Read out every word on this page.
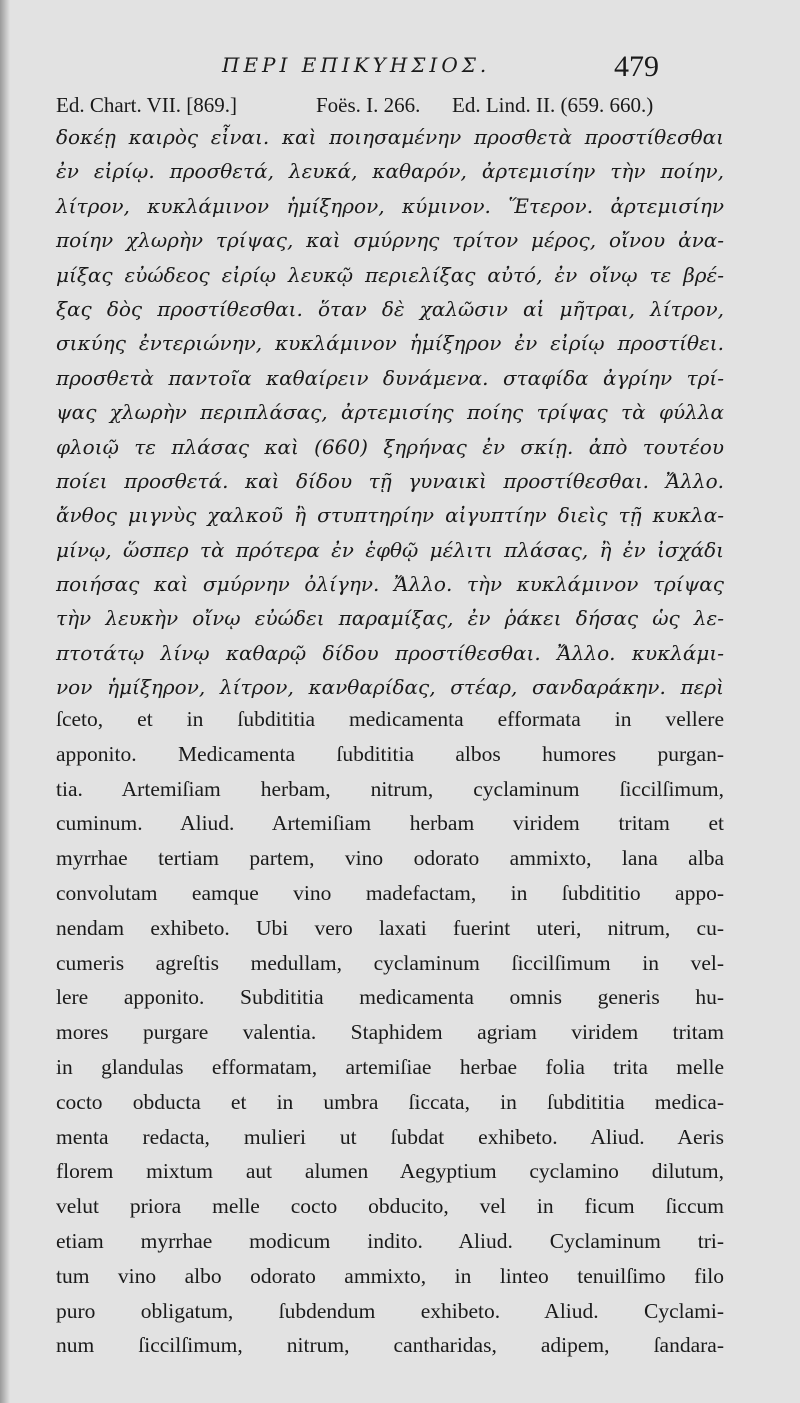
ΠΕΡΙ ΕΠΙΚΥΗΣΙΟΣ.	479
Ed. Chart. VII. [869.]	Foës. I. 266. Ed. Lind. II. (659. 660.)
δοκέῃ καιρὸς εἶναι. καὶ ποιησαμένην προσθετὰ προστίθεσθαι
ἐν εἰρίῳ. προσθετά, λευκά, καθαρόν, ἀρτεμισίην τὴν ποίην,
λίτρον, κυκλάμινον ἡμίξηρον, κύμινον. Ἕτερον. ἀρτεμισίην
ποίην χλωρὴν τρίψας, καὶ σμύρνης τρίτον μέρος, οἴνου ἀνα-
μίξας εὐώδεος εἰρίῳ λευκῷ περιελίξας αὐτό, ἐν οἴνῳ τε βρέ-
ξας δὸς προστίθεσθαι. ὅταν δὲ χαλῶσιν αἱ μῆτραι, λίτρον,
σικύης ἐντεριώνην, κυκλάμινον ἡμίξηρον ἐν εἰρίῳ προστίθει.
προσθετὰ παντοῖα καθαίρειν δυνάμενα. σταφίδα ἀγρίην τρί-
ψας χλωρὴν περιπλάσας, ἀρτεμισίης ποίης τρίψας τὰ φύλλα
φλοιῷ τε πλάσας καὶ (660) ξηρήνας ἐν σκίῃ. ἀπὸ τουτέου
ποίει προσθετά. καὶ δίδου τῇ γυναικὶ προστίθεσθαι. Ἄλλο.
ἄνθος μιγνὺς χαλκοῦ ἢ στυπτηρίην αἰγυπτίην διεὶς τῇ κυκλα-
μίνῳ, ὥσπερ τὰ πρότερα ἐν ἑφθῷ μέλιτι πλάσας, ἢ ἐν ἰσχάδι
ποιήσας καὶ σμύρνην ὀλίγην. Ἄλλο. τὴν κυκλάμινον τρίψας
τὴν λευκὴν οἴνῳ εὐώδει παραμίξας, ἐν ῥάκει δήσας ὡς λε-
πτοτάτῳ λίνῳ καθαρῷ δίδου προστίθεσθαι. Ἄλλο. κυκλάμι-
νον ἡμίξηρον, λίτρον, κανθαρίδας, στέαρ, σανδαράκην. περὶ
ſceto, et in ſubdititia medicamenta efformata in vellere
apponito. Medicamenta ſubdititia albos humores purgan-
tia. Artemiſiam herbam, nitrum, cyclaminum ſiccilſimum,
cuminum. Aliud. Artemiſiam herbam viridem tritam et
myrrhae tertiam partem, vino odorato ammixto, lana alba
convolutam eamque vino madefactam, in ſubdititio appo-
nendam exhibeto. Ubi vero laxati fuerint uteri, nitrum, cu-
cumeris agreſtis medullam, cyclaminum ſiccilſimum in vel-
lere apponito. Subdititia medicamenta omnis generis hu-
mores purgare valentia. Staphidem agriam viridem tritam
in glandulas efformatam, artemiſiae herbae folia trita melle
cocto obducta et in umbra ſiccata, in ſubdititia medica-
menta redacta, mulieri ut ſubdat exhibeto. Aliud. Aeris
florem mixtum aut alumen Aegyptium cyclamino dilutum,
velut priora melle cocto obducito, vel in ficum ſiccum
etiam myrrhae modicum indito. Aliud. Cyclaminum tri-
tum vino albo odorato ammixto, in linteo tenuilſimo filo
puro obligatum, ſubdendum exhibeto. Aliud. Cyclami-
num ſiccilſimum, nitrum, cantharidas, adipem, ſandara-
